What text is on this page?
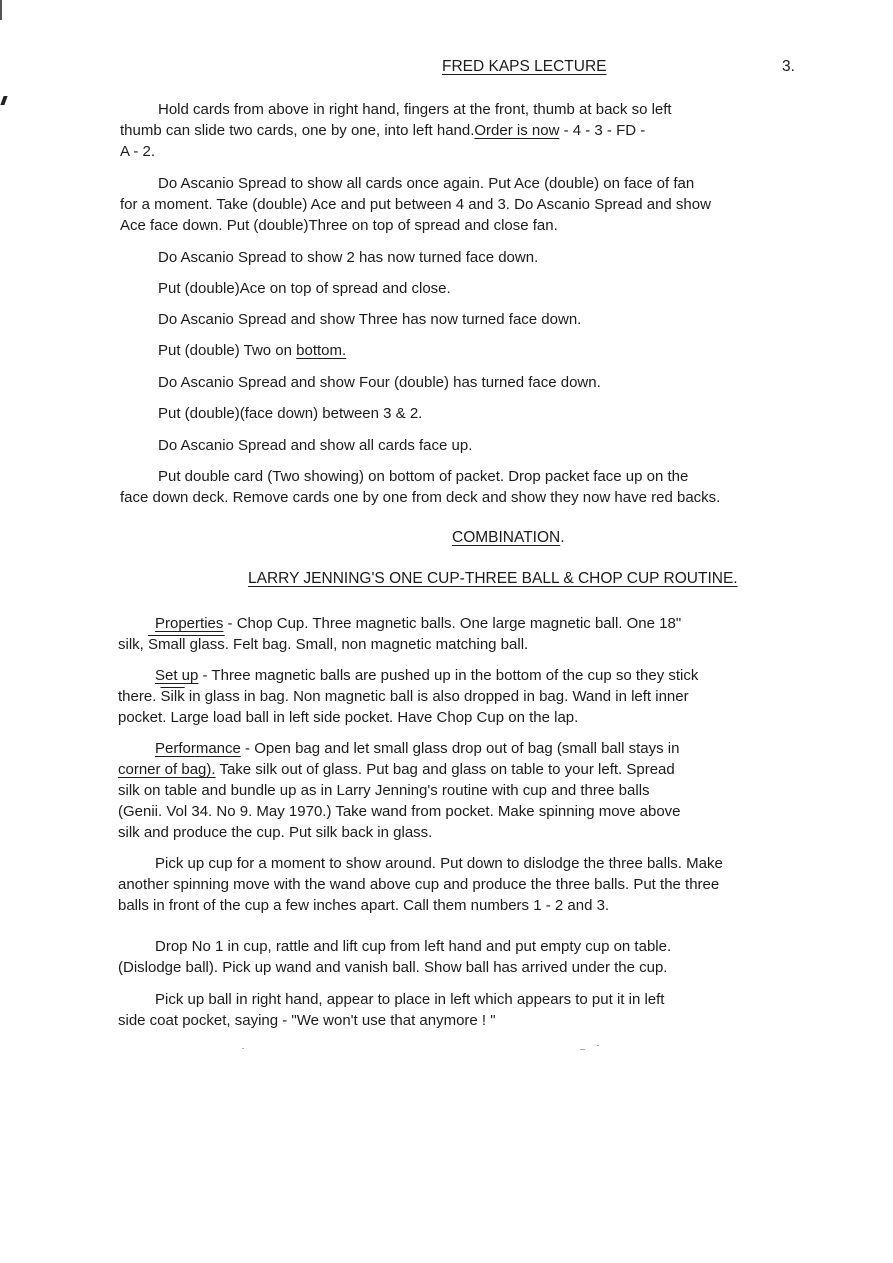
FRED KAPS LECTURE	3.
Hold cards from above in right hand, fingers at the front, thumb at back so left
thumb can slide two cards, one by one, into left hand.Order is now - 4 - 3 - FD -
A - 2.
Do Ascanio Spread to show all cards once again. Put Ace (double) on face of fan
for a moment. Take (double) Ace and put between 4 and 3. Do Ascanio Spread and show
Ace face down. Put (double)Three on top of spread and close fan.
Do Ascanio Spread to show 2 has now turned face down.
Put (double)Ace on top of spread and close.
Do Ascanio Spread and show Three has now turned face down.
Put (double) Two on bottom.
Do Ascanio Spread and show Four (double) has turned face down.
Put (double)(face down) between 3 & 2.
Do Ascanio Spread and show all cards face up.
Put double card (Two showing) on bottom of packet. Drop packet face up on the
face down deck. Remove cards one by one from deck and show they now have red backs.
COMBINATION.
LARRY JENNING'S ONE CUP-THREE BALL & CHOP CUP ROUTINE.
Properties - Chop Cup. Three magnetic balls. One large magnetic ball. One 18"
silk, Small glass. Felt bag. Small, non magnetic matching ball.
Set up - Three magnetic balls are pushed up in the bottom of the cup so they stick
there. Silk in glass in bag. Non magnetic ball is also dropped in bag. Wand in left inner
pocket. Large load ball in left side pocket. Have Chop Cup on the lap.
Performance - Open bag and let small glass drop out of bag (small ball stays in
corner of bag). Take silk out of glass. Put bag and glass on table to your left. Spread
silk on table and bundle up as in Larry Jenning's routine with cup and three balls
(Genii. Vol 34. No 9. May 1970.) Take wand from pocket. Make spinning move above
silk and produce the cup. Put silk back in glass.
Pick up cup for a moment to show around. Put down to dislodge the three balls. Make
another spinning move with the wand above cup and produce the three balls. Put the three
balls in front of the cup a few inches apart. Call them numbers 1 - 2 and 3.
Drop No 1 in cup, rattle and lift cup from left hand and put empty cup on table.
(Dislodge ball). Pick up wand and vanish ball. Show ball has arrived under the cup.
Pick up ball in right hand, appear to place in left which appears to put it in left
side coat pocket, saying - "We won't use that anymore ! "
